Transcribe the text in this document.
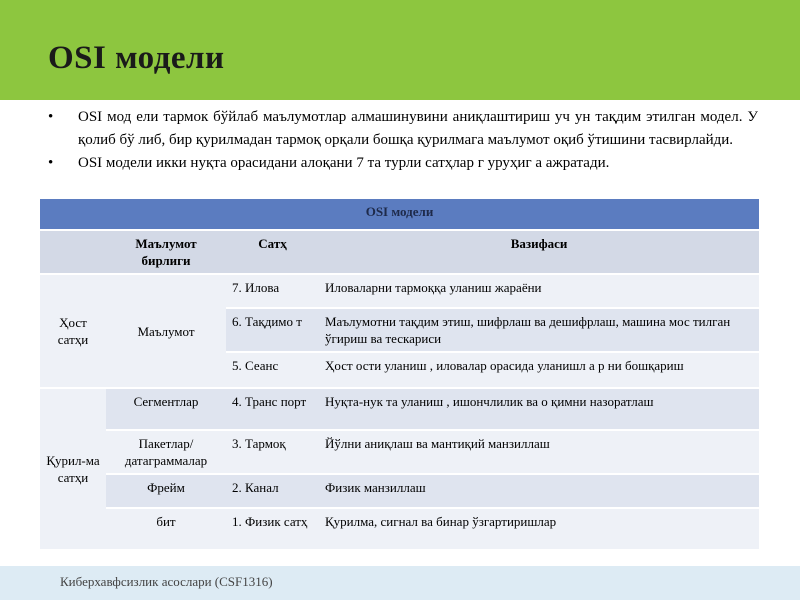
OSI модели
• OSI мод ели тармок бўйлаб маълумотлар алмашинувини аниқлаштириш уч ун тақдим этилган модел. У қолиб бў либ, бир қурилмадан тармоқ орқали бошқа қурилмага маълумот оқиб ўтишини тасвирлайди.
• OSI модели икки нуқта орасидани алоқани 7 та турли сатҳлар г уруҳиг а ажратади.
OSI модели			
	Маълумот бирлиги	Сатҳ	Вазифаси
Ҳост сатҳи	Маълумот	7. Илова	Иловаларни тармоққа уланиш жараёни
		6. Тақдимо т	Маълумотни тақдим этиш, шифрлаш ва дешифрлаш, машина мос тилган ўгириш ва тескариси
		5. Сеанс	Ҳост ости уланиш , иловалар орасида уланишл а р ни бошқариш
Қурил-ма сатҳи	Сегментлар	4. Транс порт	Нуқта-нук та уланиш , ишончлилик ва о қимни назоратлаш
	Пакетлар/ датаграммалар	3. Тармоқ	Йўлни аниқлаш ва мантиқий манзиллаш
	Фрейм	2. Канал	Физик манзиллаш
	бит	1. Физик сатҳ	Қурилма, сигнал ва бинар ўзгартиришлар
Киберхавфсизлик асослари (CSF1316)
